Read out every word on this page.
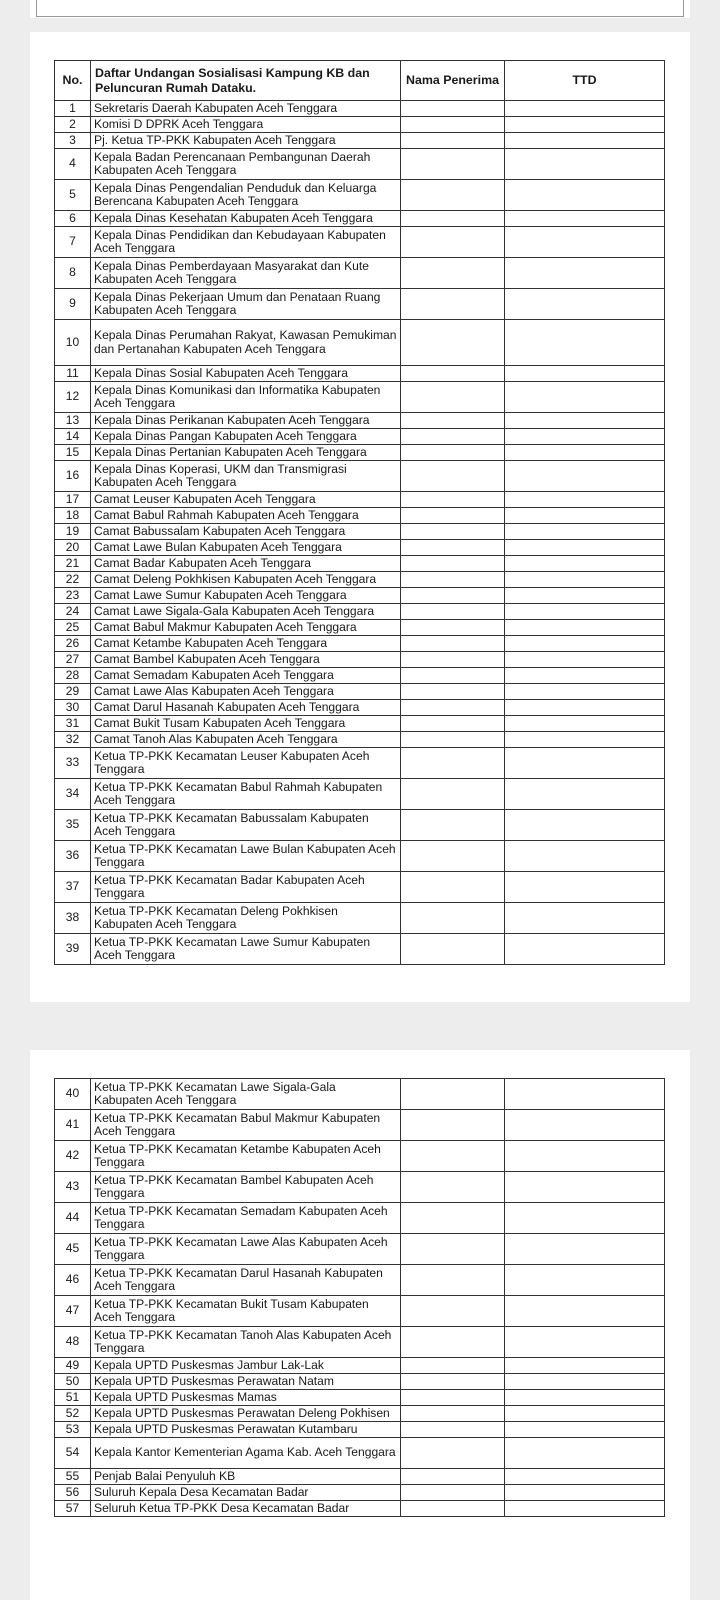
No.	Daftar Undangan Sosialisasi Kampung KB dan Peluncuran Rumah Dataku.	Nama Penerima	TTD
1	Sekretaris Daerah Kabupaten Aceh Tenggara		
2	Komisi D DPRK Aceh Tenggara		
3	Pj. Ketua TP-PKK Kabupaten Aceh Tenggara		
4	Kepala Badan Perencanaan Pembangunan Daerah Kabupaten Aceh Tenggara		
5	Kepala Dinas Pengendalian Penduduk dan Keluarga Berencana Kabupaten Aceh Tenggara		
6	Kepala Dinas Kesehatan Kabupaten Aceh Tenggara		
7	Kepala Dinas Pendidikan dan Kebudayaan Kabupaten Aceh Tenggara		
8	Kepala Dinas Pemberdayaan Masyarakat dan Kute Kabupaten Aceh Tenggara		
9	Kepala Dinas Pekerjaan Umum dan Penataan Ruang Kabupaten Aceh Tenggara		
10	Kepala Dinas Perumahan Rakyat, Kawasan Pemukiman dan Pertanahan Kabupaten Aceh Tenggara		
11	Kepala Dinas Sosial Kabupaten Aceh Tenggara		
12	Kepala Dinas Komunikasi dan Informatika Kabupaten Aceh Tenggara		
13	Kepala Dinas Perikanan Kabupaten Aceh Tenggara		
14	Kepala Dinas Pangan Kabupaten Aceh Tenggara		
15	Kepala Dinas Pertanian Kabupaten Aceh Tenggara		
16	Kepala Dinas Koperasi, UKM dan Transmigrasi Kabupaten Aceh Tenggara		
17	Camat Leuser Kabupaten Aceh Tenggara		
18	Camat Babul Rahmah Kabupaten Aceh Tenggara		
19	Camat Babussalam Kabupaten Aceh Tenggara		
20	Camat Lawe Bulan Kabupaten Aceh Tenggara		
21	Camat Badar Kabupaten Aceh Tenggara		
22	Camat Deleng Pokhkisen Kabupaten Aceh Tenggara		
23	Camat Lawe Sumur Kabupaten Aceh Tenggara		
24	Camat Lawe Sigala-Gala Kabupaten Aceh Tenggara		
25	Camat Babul Makmur Kabupaten Aceh Tenggara		
26	Camat Ketambe Kabupaten Aceh Tenggara		
27	Camat Bambel Kabupaten Aceh Tenggara		
28	Camat Semadam Kabupaten Aceh Tenggara		
29	Camat Lawe Alas Kabupaten Aceh Tenggara		
30	Camat Darul Hasanah Kabupaten Aceh Tenggara		
31	Camat Bukit Tusam Kabupaten Aceh Tenggara		
32	Camat Tanoh Alas Kabupaten Aceh Tenggara		
33	Ketua TP-PKK Kecamatan Leuser Kabupaten Aceh Tenggara		
34	Ketua TP-PKK Kecamatan Babul Rahmah Kabupaten Aceh Tenggara		
35	Ketua TP-PKK Kecamatan Babussalam Kabupaten Aceh Tenggara		
36	Ketua TP-PKK Kecamatan Lawe Bulan Kabupaten Aceh Tenggara		
37	Ketua TP-PKK Kecamatan Badar Kabupaten Aceh Tenggara		
38	Ketua TP-PKK Kecamatan Deleng Pokhkisen Kabupaten Aceh Tenggara		
39	Ketua TP-PKK Kecamatan Lawe Sumur Kabupaten Aceh Tenggara		
40	Ketua TP-PKK Kecamatan Lawe Sigala-Gala Kabupaten Aceh Tenggara		
41	Ketua TP-PKK Kecamatan Babul Makmur Kabupaten Aceh Tenggara		
42	Ketua TP-PKK Kecamatan Ketambe Kabupaten Aceh Tenggara		
43	Ketua TP-PKK Kecamatan Bambel Kabupaten Aceh Tenggara		
44	Ketua TP-PKK Kecamatan Semadam Kabupaten Aceh Tenggara		
45	Ketua TP-PKK Kecamatan Lawe Alas Kabupaten Aceh Tenggara		
46	Ketua TP-PKK Kecamatan Darul Hasanah Kabupaten Aceh Tenggara		
47	Ketua TP-PKK Kecamatan Bukit Tusam Kabupaten Aceh Tenggara		
48	Ketua TP-PKK Kecamatan Tanoh Alas Kabupaten Aceh Tenggara		
49	Kepala UPTD Puskesmas Jambur Lak-Lak		
50	Kepala UPTD Puskesmas Perawatan Natam		
51	Kepala UPTD Puskesmas Mamas		
52	Kepala UPTD Puskesmas Perawatan Deleng Pokhisen		
53	Kepala UPTD Puskesmas Perawatan Kutambaru		
54	Kepala Kantor Kementerian Agama Kab. Aceh Tenggara		
55	Penjab Balai Penyuluh KB		
56	Suluruh Kepala Desa Kecamatan Badar		
57	Seluruh Ketua TP-PKK Desa Kecamatan Badar		
